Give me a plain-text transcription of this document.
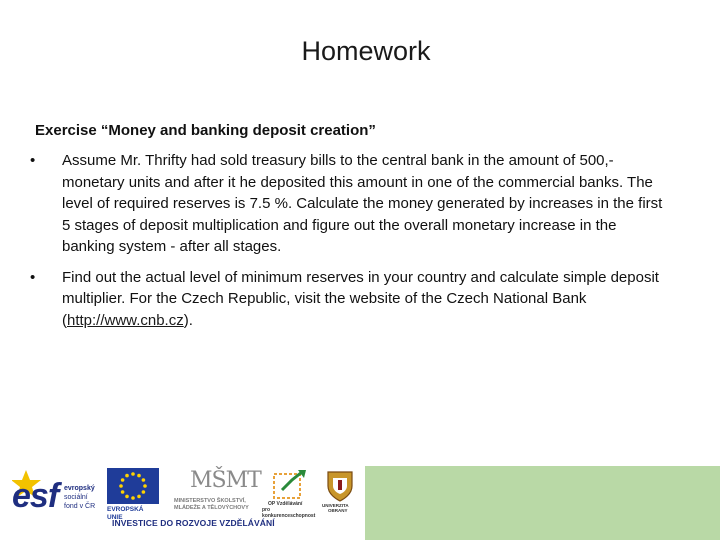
Homework
Exercise “Money and banking deposit creation”
• Assume Mr. Thrifty had sold treasury bills to the central bank in the amount of 500,- monetary units and after it he deposited this amount in one of the commercial banks. The level of required reserves is 7.5 %. Calculate the money generated by increases in the first 5 stages of deposit multiplication and figure out the overall monetary increase in the banking system - after all stages.
• Find out the actual level of minimum reserves in your country and calculate simple deposit multiplier. For the Czech Republic, visit the website of the Czech National Bank (http://www.cnb.cz).
esf evropský
sociální
fond v ČR EVROPSKÁ UNIE
MŠMT
MINISTERSTVO ŠKOLSTVÍ,
MLÁDEŽE A TĚLOVÝCHOVY
OP Vzdělávání
pro konkurenceschopnost
UNIVERZITA
OBRANY
INVESTICE DO ROZVOJE VZDĚLÁVÁNÍ
